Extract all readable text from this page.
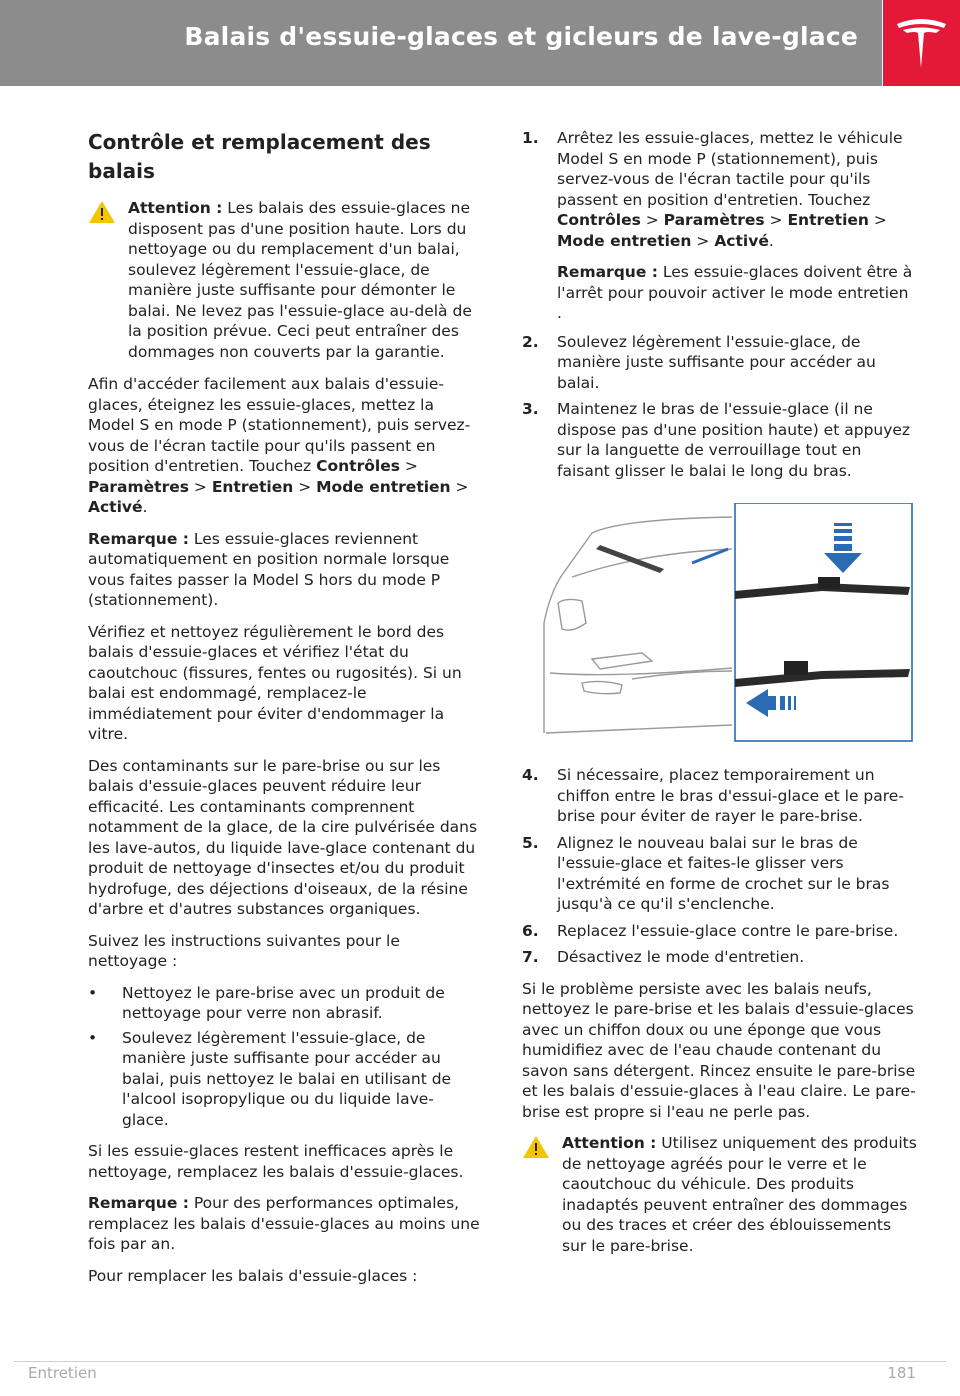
Balais d'essuie-glaces et gicleurs de lave-glace
Contrôle et remplacement des balais

Attention : Les balais des essuie-glaces ne disposent pas d'une position haute. Lors du nettoyage ou du remplacement d'un balai, soulevez légèrement l'essuie-glace, de manière juste suffisante pour démonter le balai. Ne levez pas l'essuie-glace au-delà de la position prévue. Ceci peut entraîner des dommages non couverts par la garantie.

Afin d'accéder facilement aux balais d'essuie-glaces, éteignez les essuie-glaces, mettez la Model S en mode P (stationnement), puis servez-vous de l'écran tactile pour qu'ils passent en position d'entretien. Touchez Contrôles > Paramètres > Entretien > Mode entretien > Activé.

Remarque : Les essuie-glaces reviennent automatiquement en position normale lorsque vous faites passer la Model S hors du mode P (stationnement).

Vérifiez et nettoyez régulièrement le bord des balais d'essuie-glaces et vérifiez l'état du caoutchouc (fissures, fentes ou rugosités). Si un balai est endommagé, remplacez-le immédiatement pour éviter d'endommager la vitre.

Des contaminants sur le pare-brise ou sur les balais d'essuie-glaces peuvent réduire leur efficacité. Les contaminants comprennent notamment de la glace, de la cire pulvérisée dans les lave-autos, du liquide lave-glace contenant du produit de nettoyage d'insectes et/ou du produit hydrofuge, des déjections d'oiseaux, de la résine d'arbre et d'autres substances organiques.

Suivez les instructions suivantes pour le nettoyage :

• Nettoyez le pare-brise avec un produit de nettoyage pour verre non abrasif.
• Soulevez légèrement l'essuie-glace, de manière juste suffisante pour accéder au balai, puis nettoyez le balai en utilisant de l'alcool isopropylique ou du liquide lave-glace.

Si les essuie-glaces restent inefficaces après le nettoyage, remplacez les balais d'essuie-glaces.

Remarque : Pour des performances optimales, remplacez les balais d'essuie-glaces au moins une fois par an.

Pour remplacer les balais d'essuie-glaces :

1. Arrêtez les essuie-glaces, mettez le véhicule Model S en mode P (stationnement), puis servez-vous de l'écran tactile pour qu'ils passent en position d'entretien. Touchez Contrôles > Paramètres > Entretien > Mode entretien > Activé.

Remarque : Les essuie-glaces doivent être à l'arrêt pour pouvoir activer le mode entretien .

2. Soulevez légèrement l'essuie-glace, de manière juste suffisante pour accéder au balai.
3. Maintenez le bras de l'essuie-glace (il ne dispose pas d'une position haute) et appuyez sur la languette de verrouillage tout en faisant glisser le balai le long du bras.
4. Si nécessaire, placez temporairement un chiffon entre le bras d'essui-glace et le pare-brise pour éviter de rayer le pare-brise.
5. Alignez le nouveau balai sur le bras de l'essuie-glace et faites-le glisser vers l'extrémité en forme de crochet sur le bras jusqu'à ce qu'il s'enclenche.
6. Replacez l'essuie-glace contre le pare-brise.
7. Désactivez le mode d'entretien.

Si le problème persiste avec les balais neufs, nettoyez le pare-brise et les balais d'essuie-glaces avec un chiffon doux ou une éponge que vous humidifiez avec de l'eau chaude contenant du savon sans détergent. Rincez ensuite le pare-brise et les balais d'essuie-glaces à l'eau claire. Le pare-brise est propre si l'eau ne perle pas.

Attention : Utilisez uniquement des produits de nettoyage agréés pour le verre et le caoutchouc du véhicule. Des produits inadaptés peuvent entraîner des dommages ou des traces et créer des éblouissements sur le pare-brise.

Entretien	181
